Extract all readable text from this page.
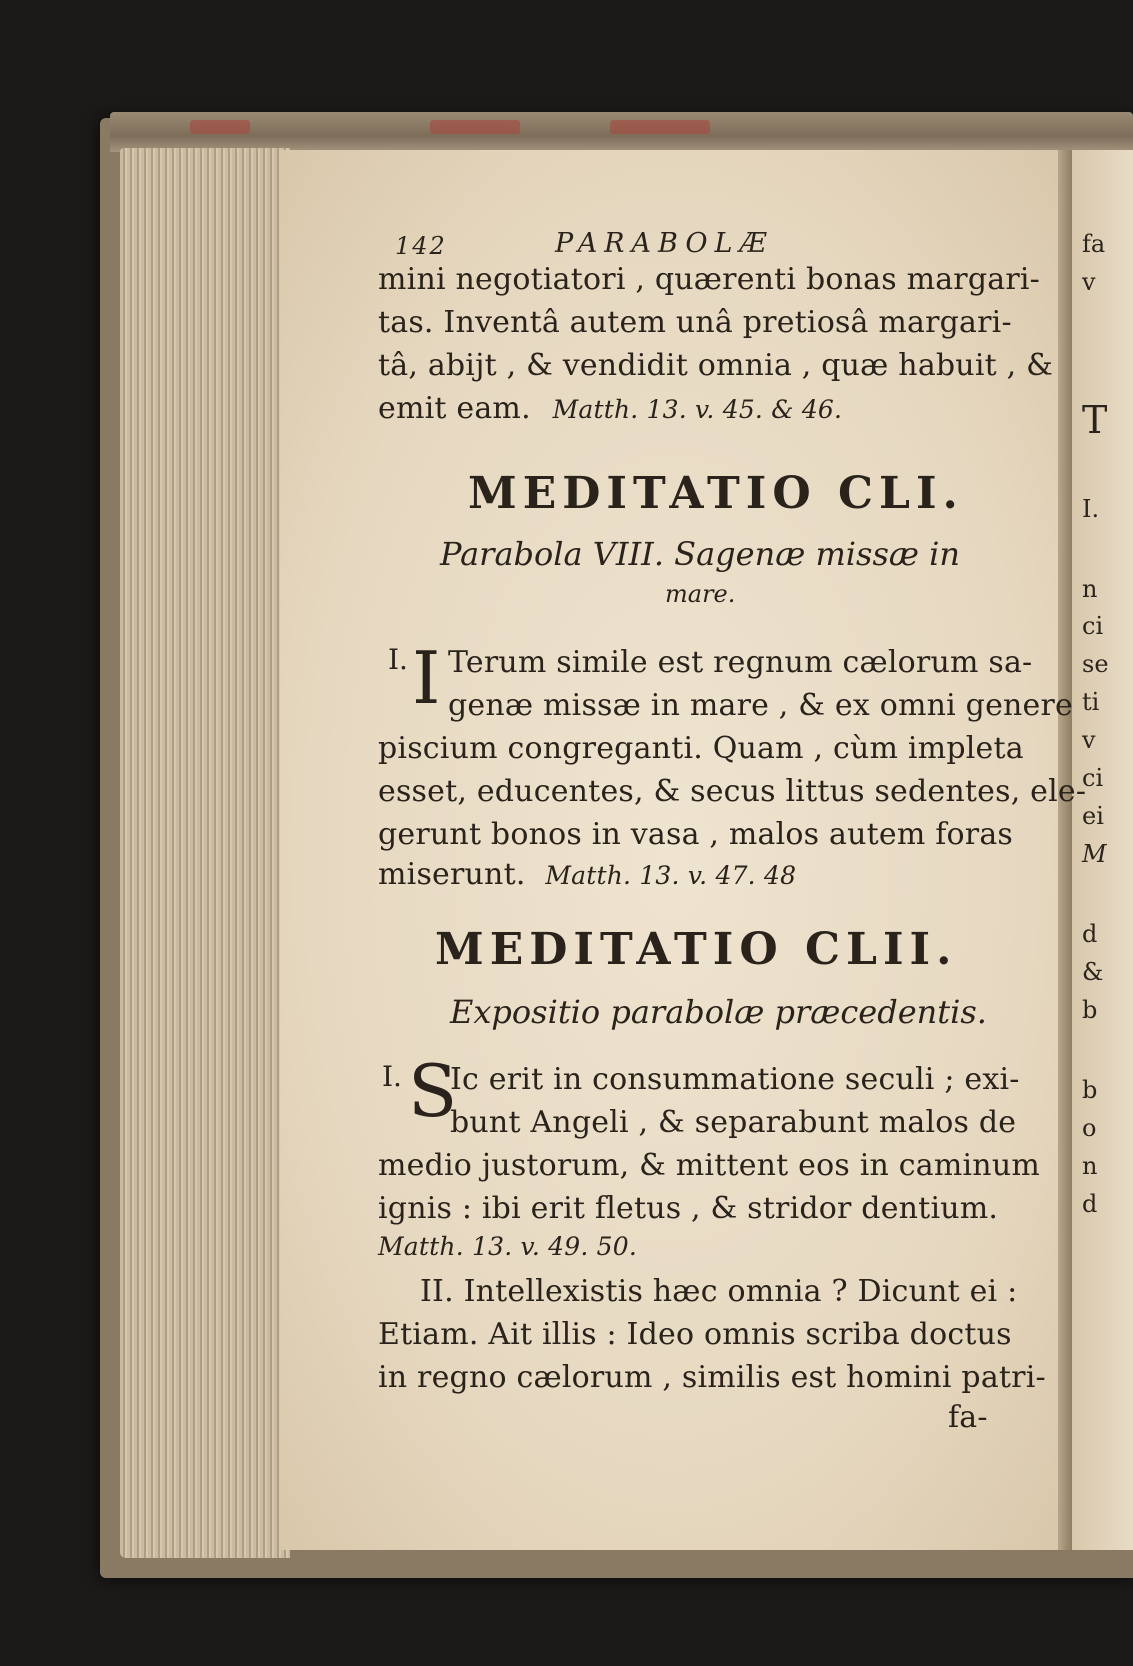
fa
v
T
I.
n
ci
se
ti
v
ci
ei
M
d
&
b
b
o
n
d
142	PARABOLÆ
mini negotiatori , quærenti bonas margari-
tas. Inventâ autem unâ pretiosâ margari-
tâ, abijt , & vendidit omnia , quæ habuit , &
emit eam. Matth. 13. v. 45. & 46.
MEDITATIO CLI.
Parabola VIII. Sagenæ missæ in
mare.
I. I Terum simile est regnum cælorum sa-
genæ missæ in mare , & ex omni genere
piscium congreganti. Quam , cùm impleta
esset, educentes, & secus littus sedentes, ele-
gerunt bonos in vasa , malos autem foras
miserunt. Matth. 13. v. 47. 48
MEDITATIO CLII.
Expositio parabolæ præcedentis.
I. S
Ic erit in consummatione seculi ; exi-
bunt Angeli , & separabunt malos de
medio justorum, & mittent eos in caminum
ignis : ibi erit fletus , & stridor dentium.
Matth. 13. v. 49. 50.
II. Intellexistis hæc omnia ? Dicunt ei :
Etiam. Ait illis : Ideo omnis scriba doctus
in regno cælorum , similis est homini patri-
fa-
